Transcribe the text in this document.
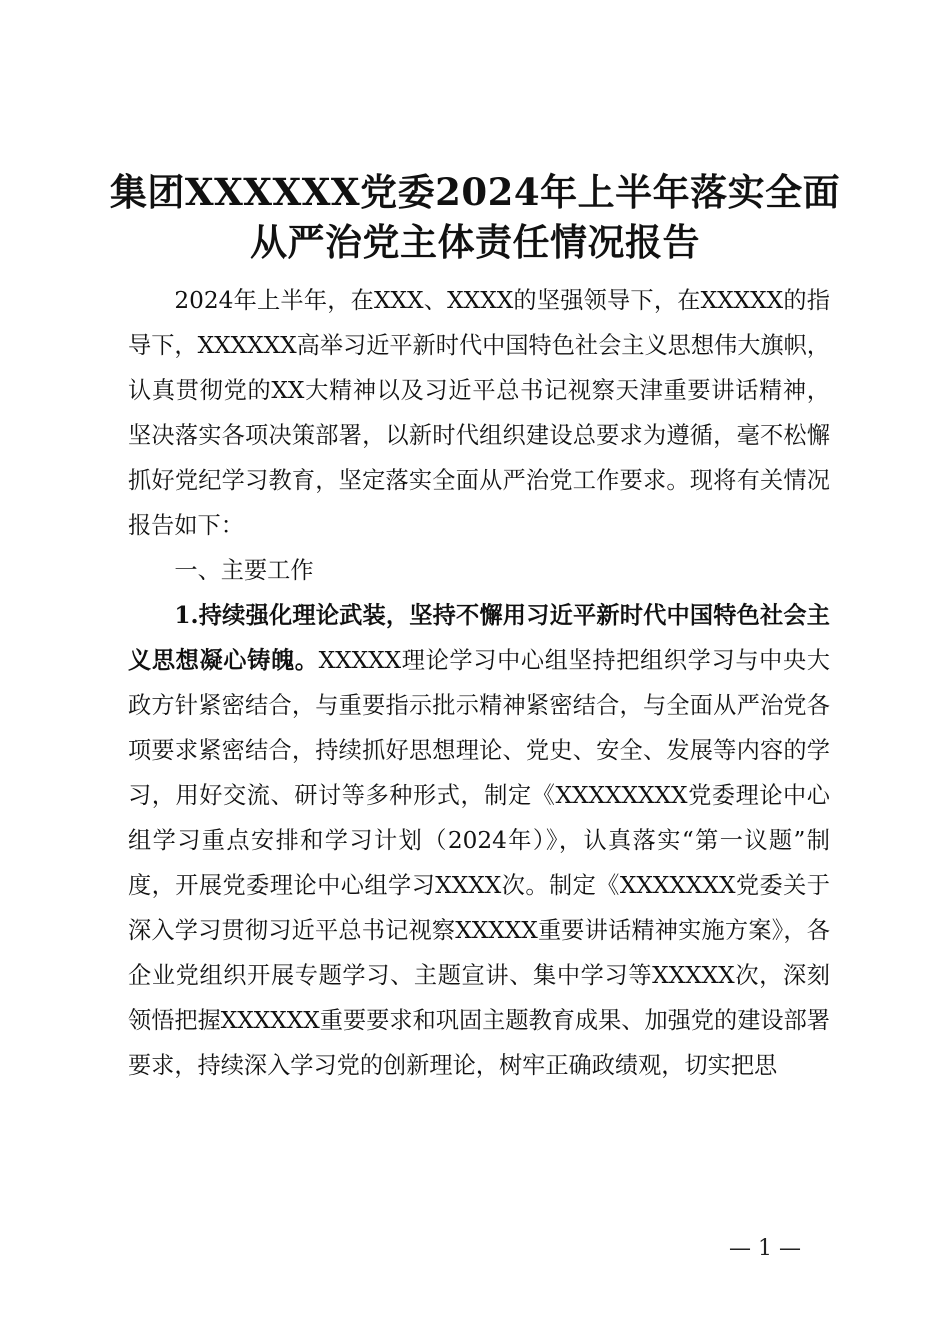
集团XXXXXX党委2024年上半年落实全面
从严治党主体责任情况报告

2024年上半年，在XXX、XXXX的坚强领导下，在XXXXX的指导下，XXXXXX高举习近平新时代中国特色社会主义思想伟大旗帜，认真贯彻党的XX大精神以及习近平总书记视察天津重要讲话精神，坚决落实各项决策部署，以新时代组织建设总要求为遵循，毫不松懈抓好党纪学习教育，坚定落实全面从严治党工作要求。现将有关情况报告如下：

一、主要工作

1.持续强化理论武装，坚持不懈用习近平新时代中国特色社会主义思想凝心铸魄。XXXXX理论学习中心组坚持把组织学习与中央大政方针紧密结合，与重要指示批示精神紧密结合，与全面从严治党各项要求紧密结合，持续抓好思想理论、党史、安全、发展等内容的学习，用好交流、研讨等多种形式，制定《XXXXXXXX党委理论中心组学习重点安排和学习计划（2024年）》，认真落实“第一议题”制度，开展党委理论中心组学习XXXX次。制定《XXXXXXX党委关于深入学习贯彻习近平总书记视察XXXXX重要讲话精神实施方案》，各企业党组织开展专题学习、主题宣讲、集中学习等XXXXX次，深刻领悟把握XXXXXX重要要求和巩固主题教育成果、加强党的建设部署要求，持续深入学习党的创新理论，树牢正确政绩观，切实把思

— 1 —
